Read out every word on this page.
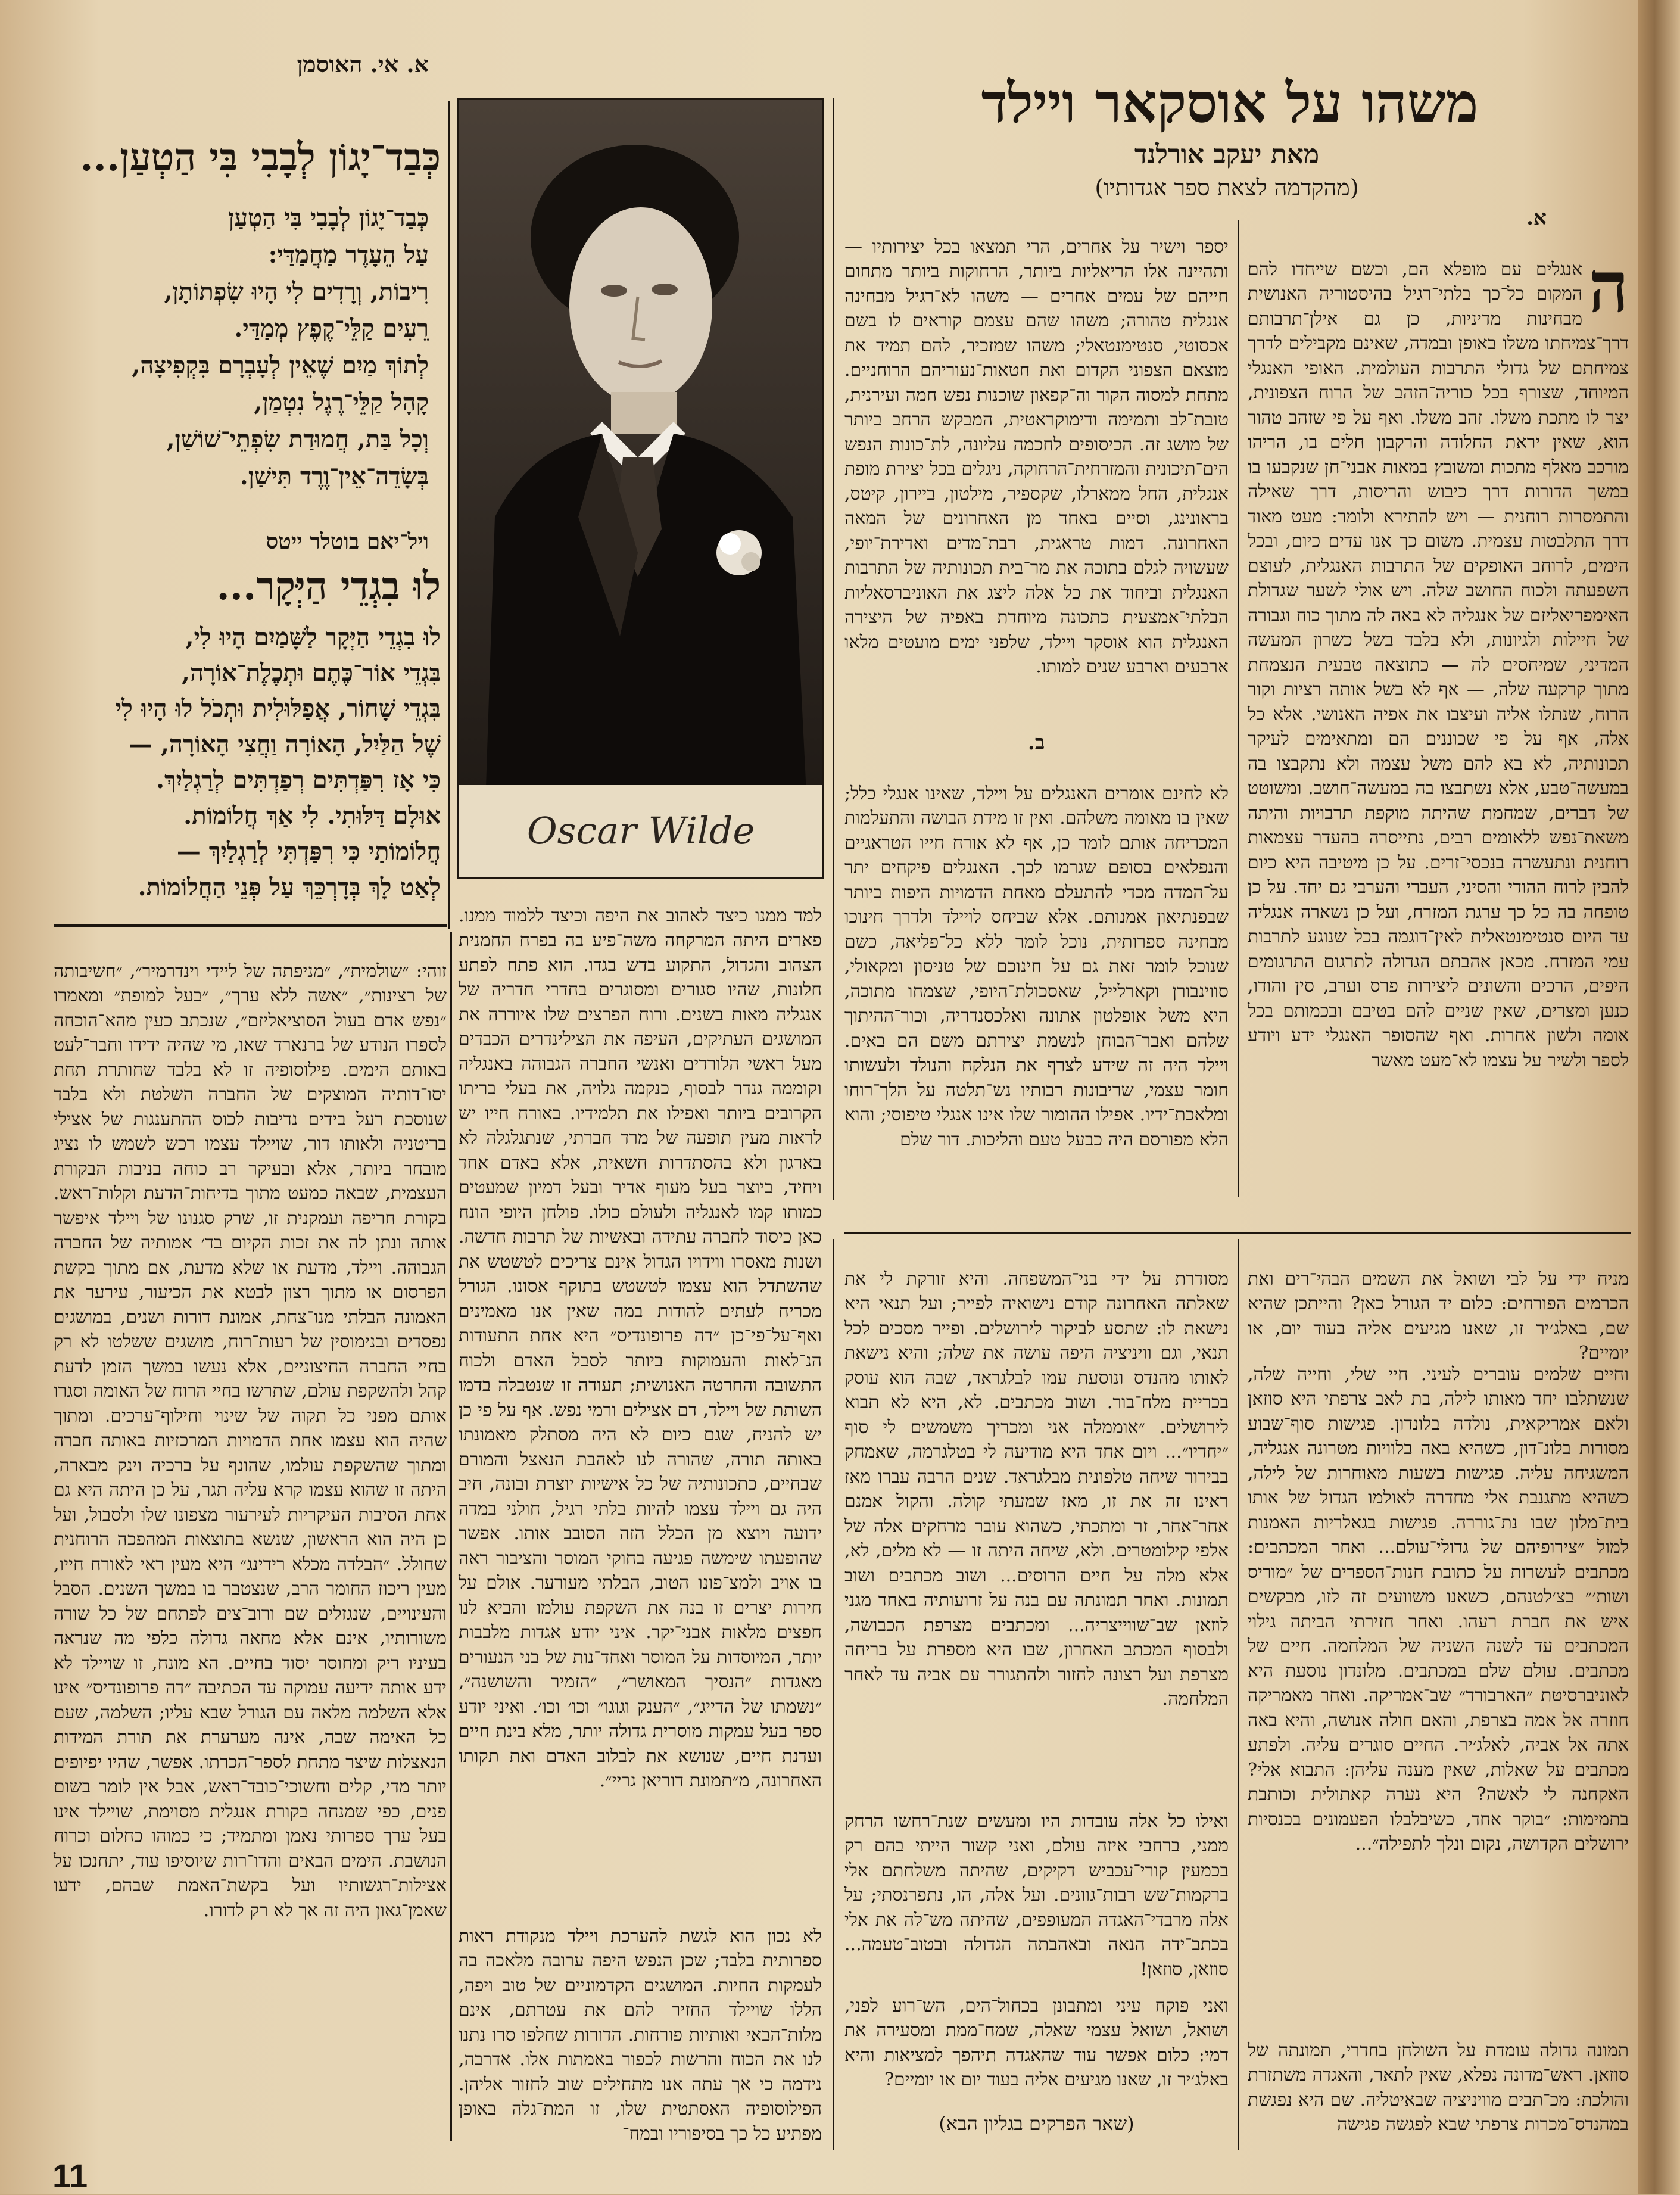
משהו על אוסקאר ויילד
מאת יעקב אורלנד
(מהקדמה לצאת ספר אגדותיו)
א.

ה
אנגלים עם מופלא הם, וכשם שייחדו להם המקום כל־כך בלתי־רגיל בהיסטוריה האנושית מבחינות מדיניות, כן גם אילן־תרבותם דרך־צמיחתו משלו באופן ובמדה, שאינם מקבילים לדרך צמיחתם של גדולי התרבות העולמית. האופי האנגלי המיוחד, שצורף בכל כוריה־הזהב של הרוח הצפונית, יצר לו מתכת משלו. זהב משלו. ואף על פי שזהב טהור הוא, שאין יראת החלודה והרקבון חלים בו, הריהו מורכב מאלף מתכות ומשובץ במאות אבני־חן שנקבעו בו במשך הדורות דרך כיבוש והריסות, דרך שאילה והתמסרות רוחנית — ויש להתירא ולומר: מעט מאוד דרך התלבטות עצמית. משום כך אנו עדים כיום, ובכל הימים, לרוחב האופקים של התרבות האנגלית, לעוצם השפעתה ולכוח החושב שלה. ויש אולי לשער שגדולת האימפריאליזם של אנגליה לא באה לה מתוך כוח וגבורה של חיילות ולגיונות, ולא בלבד בשל כשרון המעשה המדיני, שמיחסים לה — כתוצאה טבעית הנצמחת מתוך קרקעה שלה, — אף לא בשל אותה רציות וקור הרוח, שנתלו אליה ועיצבו את אפיה האנושי. אלא כל אלה, אף על פי שכוננים הם ומתאימים לעיקר תכונותיה, לא בא להם משל עצמה ולא נתקבצו בה במעשה־טבע, אלא נשתבצו בה במעשה־חושב. ומשוטט של דברים, שמחמת שהיתה מוקפת תרבויות והיתה משאת־נפש ללאומים רבים, נתייסרה בהעדר עצמאות רוחנית ונתעשרה בנכסי־זרים. על כן מיטיבה היא כיום להבין לרוח ההודי והסיני, העברי והערבי גם יחד. על כן טופחה בה כל כך ערגת המזרח, ועל כן נשארה אנגליה עד היום סנטימנטאלית לאין־דוגמה בכל שנוגע לתרבות עמי המזרח. מכאן אהבתם הגדולה לתרגום התרגומים היפים, הרכים והשונים ליצירות פרס וערב, סין והודו, כנען ומצרים, שאין שניים להם בטיבם ובכמותם בכל אומה ולשון אחרות. ואף שהסופר האנגלי ידע ויודע לספר ולשיר על עצמו לא־מעט מאשר

יספר וישיר על אחרים, הרי תמצאו בכל יצירותיו — ותהיינה אלו הריאליות ביותר, הרחוקות ביותר מתחום חייהם של עמים אחרים — משהו לא־רגיל מבחינה אנגלית טהורה; משהו שהם עצמם קוראים לו בשם אכסוטי, סנטימנטאלי; משהו שמזכיר, להם תמיד את מוצאם הצפוני הקדום ואת חטאות־נעוריהם הרוחניים. מתחת למסוה הקור וה־קפאון שוכנות נפש חמה ועירנית, טובת־לב ותמימה ודימוקראטית, המבקש הרחב ביותר של מושג זה. הכיסופים לחכמה עליונה, לת־כונות הנפש הים־תיכונית והמזרחית־הרחוקה, ניגלים בכל יצירת מופת אנגלית, החל ממארלו, שקספיר, מילטון, ביירון, קיטס, בראונינג, וסיים באחד מן האחרונים של המאה האחרונה. דמות טראגית, רבת־מדים ואדירת־יופי, שעשויה לגלם בתוכה את מר־בית תכונותיה של התרבות האנגלית וביחוד את כל אלה ליצג את האוניברסאליות הבלתי־אמצעית כתכונה מיוחדת באפיה של היצירה האנגלית הוא אוסקר ויילד, שלפני ימים מועטים מלאו ארבעים וארבע שנים למותו.

ב.

לא לחינם אומרים האנגלים על ויילד, שאינו אנגלי כלל; שאין בו מאומה משלהם. ואין זו מידת הבושה והתעלמות המכריחה אותם לומר כן, אף לא אורח חייו הטראגיים והנפלאים בסופם שגרמו לכך. האנגלים פיקחים יתר על־המדה מכדי להתעלם מאחת הדמויות היפות ביותר שבפנתיאון אמנותם. אלא שביחס לויילד ולדרך חינוכו מבחינה ספרותית, נוכל לומר ללא כל־פליאה, כשם שנוכל לומר זאת גם על חינוכם של טניסון ומקאולי, סווינבורן וקארלייל, שאסכולת־היופי, שצמחו מתוכה, היא משל אופלטון אתונה ואלכסנדריה, וכור־ההיתוך שלהם ואבר־הבוחן לנשמת יצירתם משם הם באים. ויילד היה זה שידע לצרף את הנלקח והנולד ולעשותו חומר עצמי, שריבונות רבותיו נש־תלטה על הלך־רוחו ומלאכת־ידיו. אפילו ההומור שלו אינו אנגלי טיפוסי; והוא הלא מפורסם היה כבעל טעם והליכות. דור שלם

Oscar Wilde
א. אי. האוסמן
כְּבַד־יָגוֹן לְבָבִי בִּי הַטְעַן...
כְּבַד־יָגוֹן לְבָבִי בִּי הַטְעַן
עַל הֵעָדֶר מַחֲמַדַּי:
רִיבוֹת, וְרָדִים לִי הָיוּ שִׂפְתוֹתָן,
רֵעִים קַלֵּי־קֶפֶץ מְמַדַּי.
לְתוֹךְ מַיִם שֶׁאֵין לְעָבְרָם בִּקְפִיצָה,
קָהָל קַלֵּי־רֶגֶל נִטְמַן,
וְכָל בַּת, חֲמוּדַת שִׂפְתֵי־שׁוֹשַׁן,
בְּשָׂדֵה־אֵין־וֶרֶד תִּישַׁן.
ויל־יאם בוטלר ייטס
לוּ בִגְדֵי הַיְּקָר...
לוּ בִגְדֵי הַיְּקָר לַשָּׁמַיִם הָיוּ לִי,
בִּגְדֵי אוֹר־כֶּתֶם וּתְכֶלֶת־אוֹרָה,
בִּגְדֵי שָׁחוֹר, אֲפַלּוּלִית וּתְכֹל לוּ הָיוּ לִי
שֶׁל הַלַּיִל, הָאוֹרָה וַחֲצִי הָאוֹרָה, —
כִּי אָז רִפַּדְתִּים רְפַדְתִּים לְרַגְלַיִךְ.
אוּלָם דַּלּוּתִי. לִי אַךְ חֲלוֹמוֹת.
חֲלוֹמוֹתַי כִּי רִפַּדְתִּי לְרַגְלַיִךְ —
לְאַט לָךְ בְּדָרְכֵּךְ עַל פְּנֵי הַחֲלוֹמוֹת.

למד ממנו כיצד לאהוב את היפה וכיצד ללמוד ממנו. פארים היתה המרקחה משה־פיע בה בפרח החמנית הצהוב והגדול, התקוע בדש בגדו. הוא פתח לפתע חלונות, שהיו סגורים ומסוגרים בחדרי חדריה של אנגליה מאות בשנים. ורוח הפרצים שלו איוררה את המושגים העתיקים, העיפה את הצילינדרים הכבדים מעל ראשי הלורדים ואנשי החברה הגבוהה באנגליה וקוממה גנדר לבסוף, כנקמה גלויה, את בעלי בריתו הקרובים ביותר ואפילו את תלמידיו. באורח חייו יש לראות מעין תופעה של מרד חברתי, שנתגלגלה לא בארגון ולא בהסתדרות חשאית, אלא באדם אחד ויחיד, ביוצר בעל מעוף אדיר ובעל דמיון שמעטים כמותו קמו לאנגליה ולעולם כולו. פולחן היופי הונח כאן כיסוד לחברה עתידה ובאשיות של תרבות חדשה. ושנות מאסרו ווידויו הגדול אינם צריכים לטשטש את שהשתדל הוא עצמו לטשטש בתוקף אסונו. הגורל מכריח לעתים להודות במה שאין אנו מאמינים ואף־על־פי־כן ״דה פרופונדיס״ היא אחת התעודות הנ־לאות והעמוקות ביותר לסבל האדם ולכוח התשובה והחרטה האנושית; תעודה זו שנטבלה בדמו השותת של ויילד, דם אצילים ורמי נפש. אף על פי כן יש להניח, שגם כיום לא היה מסתלק מאמונתו באותה תורה, שהורה לנו לאהבת הנאצל והמורם שבחיים, כתכונותיה של כל אישיות יוצרת ובונה, חיב היה גם ויילד עצמו להיות בלתי רגיל, חולני במדה ידועה ויוצא מן הכלל הזה הסובב אותו. אפשר שהופעתו שימשה פגיעה בחוקי המוסר והציבור ראה בו אויב ולמצ־פונו הטוב, הבלתי מעורער. אולם על חירות יצרים זו בנה את השקפת עולמו והביא לנו חפצים מלאות אבני־יקר. איני יודע אגדות מלבבות יותר, המיוסדות על המוסר ואחד־נות של בני הנעורים מאגדות ״הנסיך המאושר״, ״הזמיר והשושנה״, ״נשמתו של הדייג״, ״הענק וגוגו״ וכו׳ וכו׳. ואיני יודע ספר בעל עמקות מוסרית גדולה יותר, מלא בינת חיים ועדנת חיים, שנושא את לבלוב האדם ואת תקותו האחרונה, מ״תמונת דוריאן גריי״.

לא נכון הוא לגשת להערכת ויילד מנקודת ראות ספרותית בלבד; שכן הנפש היפה ערובה מלאכה בה לעמקות החיות. המושגים הקדמוניים של טוב ויפה, הללו שויילד החזיר להם את עטרתם, אינם מלות־הבאי ואותיות פורחות. הדורות שחלפו סרו נתנו לנו את הכוח והרשות לכפור באמתות אלו. אדרבה, נידמה כי אך עתה אנו מתחילים שוב לחזור אליהן. הפילוסופיה האסתטית שלו, זו המת־גלה באופן מפתיע כל כך בסיפוריו ובמח־

זוהי: ״שולמית״, ״מניפתה של ליידי וינדרמיר״, ״חשיבותה של רצינות״, ״אשה ללא ערך״, ״בעל למופת״ ומאמרו ״נפש אדם בעול הסוציאליזם״, שנכתב כעין מהא־הוכחה לספרו הנודע של ברנארד שאו, מי שהיה ידידו וחבר־לעט באותם הימים. פילוסופיה זו לא בלבד שחותרת תחת יסו־דותיה המוצקים של החברה השלטת ולא בלבד שנוסכת רעל בידים נדיבות לכוס ההתענגות של אצילי בריטניה ולאותו דור, שויילד עצמו רכש לשמש לו נציג מובחר ביותר, אלא ובעיקר רב כוחה בניבות הבקורת העצמית, שבאה כמעט מתוך בדיחות־הדעת וקלות־ראש. בקורת חריפה ועמקנית זו, שרק סגנונו של ויילד איפשר אותה ונתן לה את זכות הקיום בד׳ אמותיה של החברה הגבוהה. ויילד, מדעת או שלא מדעת, אם מתוך בקשת הפרסום או מתוך רצון לבטא את הכיעור, עירער את האמונה הבלתי מנו־צחת, אמונת דורות ושנים, במושגים נפסדים ובנימוסין של רעות־רוח, מושגים ששלטו לא רק בחיי החברה החיצוניים, אלא נעשו במשך הזמן לדעת קהל ולהשקפת עולם, שתרשו בחיי הרוח של האומה וסגרו אותם מפני כל תקוה של שינוי וחילוף־ערכים. ומתוך שהיה הוא עצמו אחת הדמויות המרכזיות באותה חברה ומתוך שהשקפת עולמו, שהונף על ברכיה וינק מבארה, היתה זו שהוא עצמו קרא עליה תגר, על כן היתה היא גם אחת הסיבות העיקריות לעירעור מצפונו שלו ולסבול, ועל כן היה הוא הראשון, שנשא בתוצאות המהפכה הרוחנית שחולל. ״הבלדה מכלא רידינג״ היא מעין ראי לאורח חייו, מעין ריכוז החומר הרב, שנצטבר בו במשך השנים. הסבל והעינויים, שנגזלים שם ורוב־צים לפתחם של כל שורה משורותיו, אינם אלא מחאה גדולה כלפי מה שנראה בעיניו ריק ומחוסר יסוד בחיים. הא מונח, זו שויילד לא ידע אותה ידיעה עמוקה עד הכתיבה ״דה פרופונדיס״ אינו אלא השלמה מלאה עם הגורל שבא עליו; השלמה, שעם כל האימה שבה, אינה מערערת את תורת המידות הנאצלות שיצר מתחת לספר־הכרתו. אפשר, שהיו יפיופים יותר מדי, קלים וחשוכי־כובד־ראש, אבל אין לומר בשום פנים, כפי שמנחה בקורת אנגלית מסוימת, שויילד אינו בעל ערך ספרותי נאמן ומתמיד; כי כמוהו כחלום וכרוח הנושבת. הימים הבאים והדו־רות שיוסיפו עוד, יתחנכו על אצילות־רגשותיו ועל בקשת־האמת שבהם, ידעו שאמן־גאון היה זה אך לא רק לדורו.

מניח ידי על לבי ושואל את השמים הבהי־רים ואת הכרמים הפורחים: כלום יד הגורל כאן? והייתכן שהיא שם, באלג׳יר זו, שאנו מגיעים אליה בעוד יום, או יומיים?

וחיים שלמים עוברים לעיני. חיי שלי, וחייה שלה, שנשתלבו יחד מאותו לילה, בת לאב צרפתי היא סוזאן ולאם אמריקאית, נולדה בלונדון. פגישות סוף־שבוע מסורות בלונ־דון, כשהיא באה בלוויות מטרונה אנגליה, המשגיחה עליה. פגישות בשעות מאוחרות של לילה, כשהיא מתגנבת אלי מחדרה לאולמו הגדול של אותו בית־מלון שבו נת־גוררה. פגישות בגאלריות האמנות למול ״צירופיהם של גדולי־עולם... ואחר המכתבים: מכתבים לעשרות על כתובת חנות־הספרים של ״מוריס ושות׳״ בצ׳לטנהם, כשאנו משוועים זה לזו, מבקשים איש את חברת רעהו. ואחר חזירתי הביתה גילוי המכתבים עד לשנה השניה של המלחמה. חיים של מכתבים. עולם שלם במכתבים. מלונדון נוסעת היא לאוניברסיטת ״הארבורד״ שב־אמריקה. ואחר מאמריקה חוזרה אל אמה בצרפת, והאם חולה אנושה, והיא באה אתה אל אביה, לאלג׳יר. החיים סוגרים עליה. ולפתע מכתבים על שאלות, שאין מענה עליהן: התבוא אלי? האקחנה לי לאשה? היא נערה קאתולית וכותבת בתמימות: ״בוקר אחד, כשיבלבלו הפעמונים בכנסיות ירושלים הקדושה, נקום ונלך לתפילה״...

תמונה גדולה עומדת על השולחן בחדרי, תמונתה של סוזאן. ראש־מדונה נפלא, שאין לתאר, והאגדה משתזרת והולכת: מכ־תבים מוויניציה שבאיטליה. שם היא נפגשת במהנדס־מכרות צרפתי שבא לפגשה פגישה

מסודרת על ידי בני־המשפחה. והיא זורקת לי את שאלתה האחרונה קודם נישואיה לפייר; ועל תנאי היא נישאת לו: שתסע לביקור לירושלים. ופייר מסכים לכל תנאי, וגם וויניציה היפה עושה את שלה; והיא נישאת לאותו מהנדס ונוסעת עמו לבלגראד, שבה הוא עוסק בכריית מלח־בור. ושוב מכתבים. לא, היא לא תבוא לירושלים. ״אוממלה אני ומכריך משמשים לי סוף ״יחדיו״... ויום אחד היא מודיעה לי בטלגרמה, שאמחק בבירור שיחה טלפונית מבלגראד. שנים הרבה עברו מאז ראינו זה את זו, מאז שמעתי קולה. והקול אמנם אחר־אחר, זר ומתכתי, כשהוא עובר מרחקים אלה של אלפי קילומטרים. ולא, שיחה היתה זו — לא מלים, לא, אלא מלה על חיים הרוסים... ושוב מכתבים ושוב תמונות. ואחר תמונתה עם בנה על זרועותיה באחד מגני לוזאן שב־שווייצריה... ומכתבים מצרפת הכבושה, ולבסוף המכתב האחרון, שבו היא מספרת על בריחה מצרפת ועל רצונה לחזור ולהתגורר עם אביה עד לאחר המלחמה.

ואילו כל אלה עובדות היו ומעשים שנת־רחשו הרחק ממני, ברחבי איזה עולם, ואני קשור הייתי בהם רק בכמעין קורי־עכביש דקיקים, שהיתה משלחתם אלי ברקמות־שש רבות־גוונים. ועל אלה, הו, נתפרנסתי; על אלה מרבדי־האגדה המעופפים, שהיתה מש־לה את אלי בכתב־ידה הנאה ובאהבתה הגדולה ובטוב־טעמה... סוזאן, סוזאן!

ואני פוקח עיני ומתבונן בכחול־הים, הש־רוע לפני, ושואל, ושואל עצמי שאלה, שמח־ממת ומסעירה את דמי: כלום אפשר עוד שהאגדה תיהפך למציאות והיא באלג׳יר זו, שאנו מגיעים אליה בעוד יום או יומיים?

(שאר הפרקים בגליון הבא)
11
